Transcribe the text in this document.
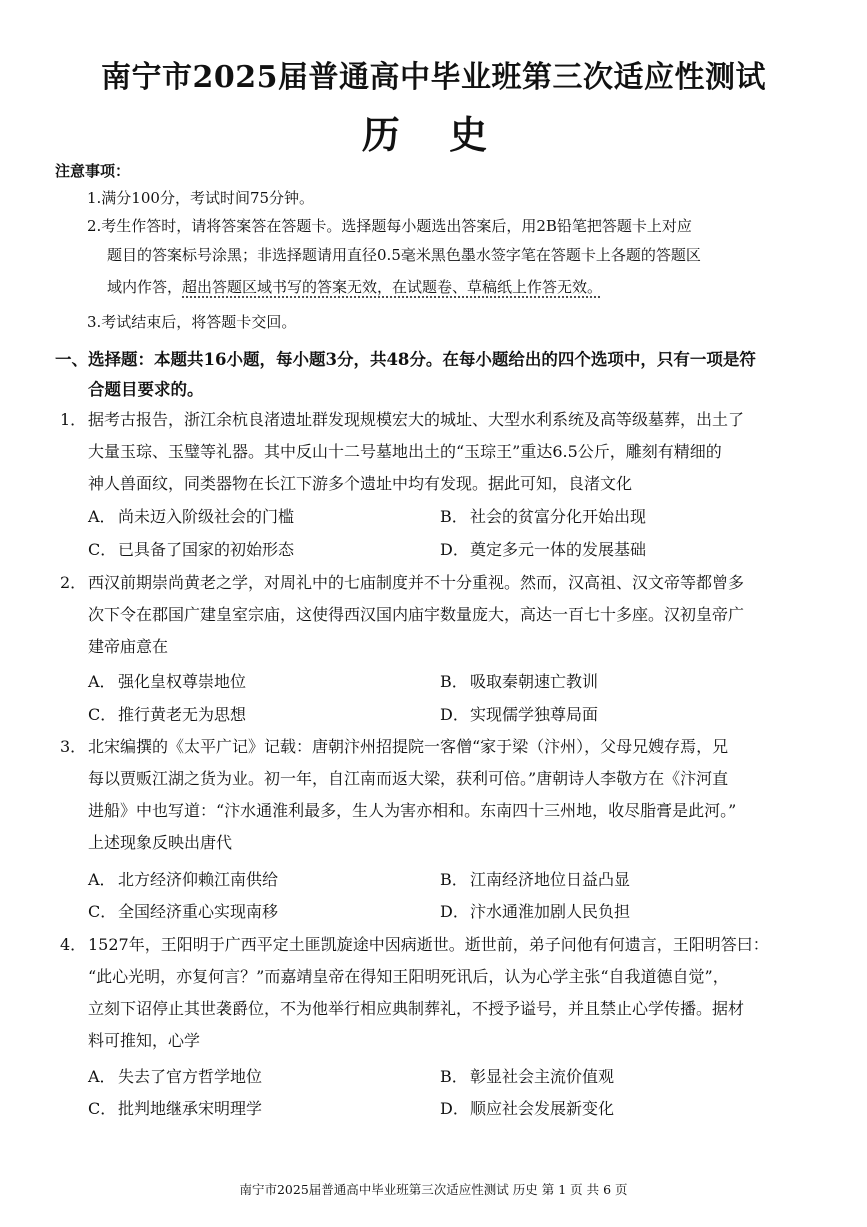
南宁市2025届普通高中毕业班第三次适应性测试
历 史
注意事项：
1.满分100分，考试时间75分钟。
2.考生作答时，请将答案答在答题卡。选择题每小题选出答案后，用2B铅笔把答题卡上对应
题目的答案标号涂黑；非选择题请用直径0.5毫米黑色墨水签字笔在答题卡上各题的答题区
域内作答，超出答题区域书写的答案无效，在试题卷、草稿纸上作答无效。
3.考试结束后，将答题卡交回。
一、选择题：本题共16小题，每小题3分，共48分。在每小题给出的四个选项中，只有一项是符
合题目要求的。
1． 据考古报告，浙江余杭良渚遗址群发现规模宏大的城址、大型水利系统及高等级墓葬，出土了
大量玉琮、玉璧等礼器。其中反山十二号墓地出土的“玉琮王”重达6.5公斤，雕刻有精细的
神人兽面纹，同类器物在长江下游多个遗址中均有发现。据此可知，良渚文化
A． 尚未迈入阶级社会的门槛	B． 社会的贫富分化开始出现
C． 已具备了国家的初始形态	D．奠定多元一体的发展基础
2． 西汉前期崇尚黄老之学，对周礼中的七庙制度并不十分重视。然而，汉高祖、汉文帝等都曾多
次下令在郡国广建皇室宗庙，这使得西汉国内庙宇数量庞大，高达一百七十多座。汉初皇帝广
建帝庙意在
A． 强化皇权尊崇地位	B． 吸取秦朝速亡教训
C． 推行黄老无为思想	D．实现儒学独尊局面
3． 北宋编撰的《太平广记》记载：唐朝汴州招提院一客僧“家于梁（汴州），父母兄嫂存焉，兄
每以贾贩江湖之货为业。初一年，自江南而返大梁，获利可倍。”唐朝诗人李敬方在《汴河直
进船》中也写道：“汴水通淮利最多，生人为害亦相和。东南四十三州地，收尽脂膏是此河。”
上述现象反映出唐代
A． 北方经济仰赖江南供给	B． 江南经济地位日益凸显
C． 全国经济重心实现南移	D．汴水通淮加剧人民负担
4． 1527年，王阳明于广西平定土匪凯旋途中因病逝世。逝世前，弟子问他有何遗言，王阳明答曰：
“此心光明，亦复何言？”而嘉靖皇帝在得知王阳明死讯后，认为心学主张“自我道德自觉”，
立刻下诏停止其世袭爵位，不为他举行相应典制葬礼，不授予谥号，并且禁止心学传播。据材
料可推知，心学
A． 失去了官方哲学地位	B． 彰显社会主流价值观
C． 批判地继承宋明理学	D．顺应社会发展新变化
南宁市2025届普通高中毕业班第三次适应性测试 历史 第 1 页 共 6 页
